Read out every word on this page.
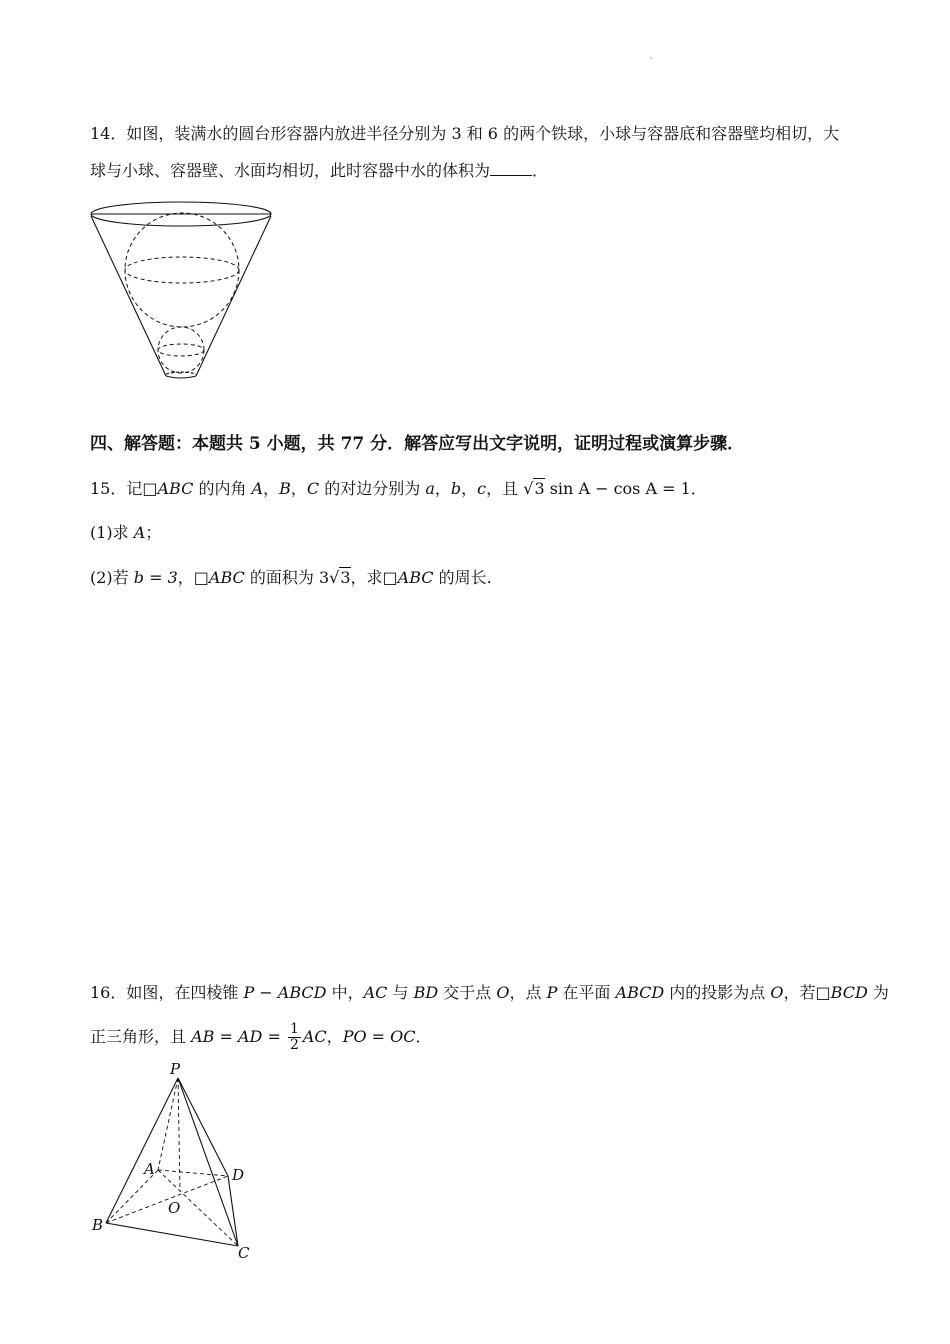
'
14．如图，装满水的圆台形容器内放进半径分别为 3 和 6 的两个铁球，小球与容器底和容器壁均相切，大
球与小球、容器壁、水面均相切，此时容器中水的体积为	．
四、解答题：本题共 5 小题，共 77 分．解答应写出文字说明，证明过程或演算步骤．
15．记□ABC 的内角 A，B，C 的对边分别为 a，b，c，且 √3 sin A − cos A = 1．
(1)求 A；
(2)若 b = 3，□ABC 的面积为 3√3，求□ABC 的周长.
16．如图，在四棱锥 P − ABCD 中，AC 与 BD 交于点 O，点 P 在平面 ABCD 内的投影为点 O，若□BCD 为
正三角形，且 AB = AD = $\frac{1}{2}$ AC，PO = OC．
P
A	D
O
B
C
